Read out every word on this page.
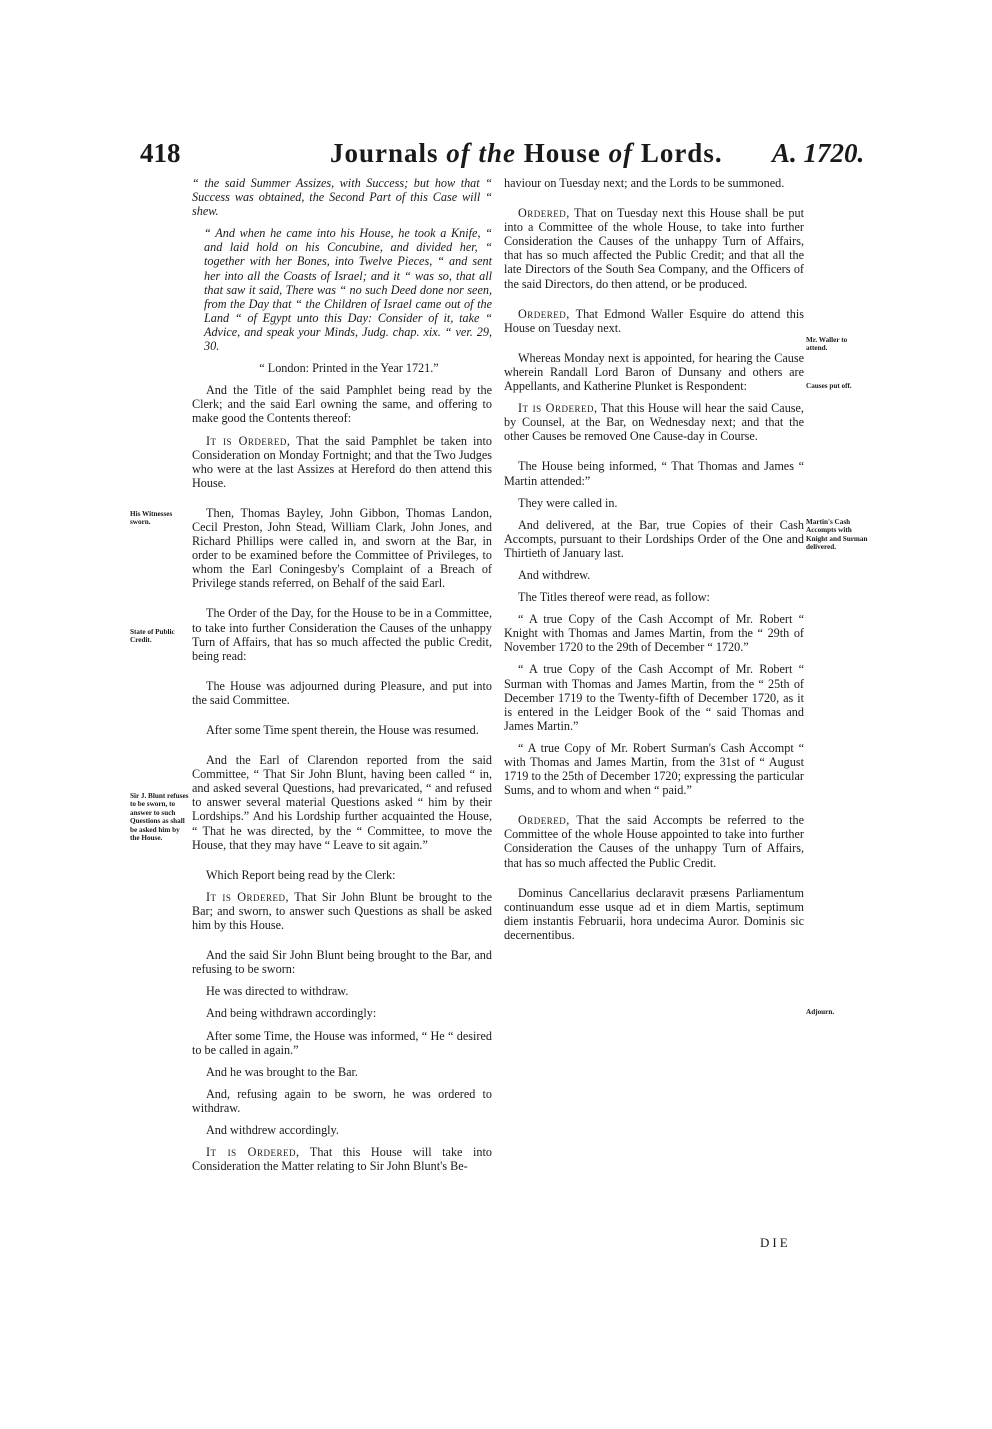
418	Journals of the House of Lords. A. 1720.

“ the said Summer Assizes, with Success; but how that “ Success was obtained, the Second Part of this Case will “ shew.

“ And when he came into his House, he took a Knife, “ and laid hold on his Concubine, and divided her, “ together with her Bones, into Twelve Pieces, “ and sent her into all the Coasts of Israel; and it “ was so, that all that saw it said, There was “ no such Deed done nor seen, from the Day that “ the Children of Israel came out of the Land “ of Egypt unto this Day: Consider of it, take “ Advice, and speak your Minds, Judg. chap. xix. “ ver. 29, 30.

“ London: Printed in the Year 1721.”

And the Title of the said Pamphlet being read by the Clerk; and the said Earl owning the same, and offering to make good the Contents thereof:

It is Ordered, That the said Pamphlet be taken into Consideration on Monday Fortnight; and that the Two Judges who were at the last Assizes at Hereford do then attend this House.

Then, Thomas Bayley, John Gibbon, Thomas Landon, Cecil Preston, John Stead, William Clark, John Jones, and Richard Phillips were called in, and sworn at the Bar, in order to be examined before the Committee of Privileges, to whom the Earl Coningesby's Complaint of a Breach of Privilege stands referred, on Behalf of the said Earl.

The Order of the Day, for the House to be in a Committee, to take into further Consideration the Causes of the unhappy Turn of Affairs, that has so much affected the public Credit, being read:

The House was adjourned during Pleasure, and put into the said Committee.

After some Time spent therein, the House was resumed.

And the Earl of Clarendon reported from the said Committee, “ That Sir John Blunt, having been called “ in, and asked several Questions, had prevaricated, “ and refused to answer several material Questions asked “ him by their Lordships.” And his Lordship further acquainted the House, “ That he was directed, by the “ Committee, to move the House, that they may have “ Leave to sit again.”

Which Report being read by the Clerk:

It is Ordered, That Sir John Blunt be brought to the Bar; and sworn, to answer such Questions as shall be asked him by this House.

And the said Sir John Blunt being brought to the Bar, and refusing to be sworn:

He was directed to withdraw.

And being withdrawn accordingly:

After some Time, the House was informed, “ He “ desired to be called in again.”

And he was brought to the Bar.

And, refusing again to be sworn, he was ordered to withdraw.

And withdrew accordingly.

It is Ordered, That this House will take into Consideration the Matter relating to Sir John Blunt's Be-

haviour on Tuesday next; and the Lords to be summoned.

Ordered, That on Tuesday next this House shall be put into a Committee of the whole House, to take into further Consideration the Causes of the unhappy Turn of Affairs, that has so much affected the Public Credit; and that all the late Directors of the South Sea Company, and the Officers of the said Directors, do then attend, or be produced.

Ordered, That Edmond Waller Esquire do attend this House on Tuesday next.

Whereas Monday next is appointed, for hearing the Cause wherein Randall Lord Baron of Dunsany and others are Appellants, and Katherine Plunket is Respondent:

It is Ordered, That this House will hear the said Cause, by Counsel, at the Bar, on Wednesday next; and that the other Causes be removed One Cause-day in Course.

The House being informed, “ That Thomas and James “ Martin attended:”

They were called in.

And delivered, at the Bar, true Copies of their Cash Accompts, pursuant to their Lordships Order of the One and Thirtieth of January last.

And withdrew.

The Titles thereof were read, as follow:

“ A true Copy of the Cash Accompt of Mr. Robert “ Knight with Thomas and James Martin, from the “ 29th of November 1720 to the 29th of December “ 1720.”

“ A true Copy of the Cash Accompt of Mr. Robert “ Surman with Thomas and James Martin, from the “ 25th of December 1719 to the Twenty-fifth of December 1720, as it is entered in the Leidger Book of the “ said Thomas and James Martin.”

“ A true Copy of Mr. Robert Surman's Cash Accompt “ with Thomas and James Martin, from the 31st of “ August 1719 to the 25th of December 1720; expressing the particular Sums, and to whom and when “ paid.”

Ordered, That the said Accompts be referred to the Committee of the whole House appointed to take into further Consideration the Causes of the unhappy Turn of Affairs, that has so much affected the Public Credit.

Dominus Cancellarius declaravit præsens Parliamentum continuandum esse usque ad et in diem Martis, septimum diem instantis Februarii, hora undecima Auror. Dominis sic decernentibus.

His Witnesses sworn.
State of Public Credit.
Sir J. Blunt refuses to be sworn, to answer to such Questions as shall be asked him by the House.
Mr. Waller to attend.
Causes put off.
Martin's Cash Accompts with Knight and Surman delivered.
Adjourn.
DIE
